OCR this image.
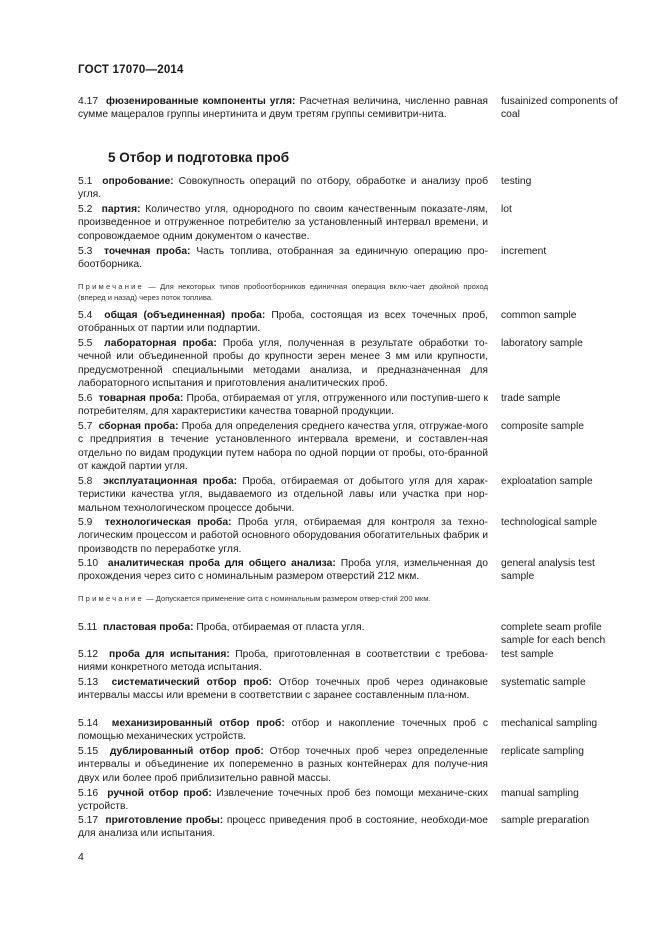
ГОСТ 17070—2014
4.17 фюзенированные компоненты угля: Расчетная величина, численно равная сумме мацералов группы инертинита и двум третям группы семивитри-нита.
fusainized components of coal
5 Отбор и подготовка проб
5.1 опробование: Совокупность операций по отбору, обработке и анализу проб угля.
testing
5.2 партия: Количество угля, однородного по своим качественным показате-лям, произведенное и отгруженное потребителю за установленный интервал времени, и сопровождаемое одним документом о качестве.
lot
5.3 точечная проба: Часть топлива, отобранная за единичную операцию про-боотборника.
increment
Примечание — Для некоторых типов пробоотборников единичная операция вклю-чает двойной проход (вперед и назад) через поток топлива.
5.4 общая (объединенная) проба: Проба, состоящая из всех точечных проб, отобранных от партии или подпартии.
common sample
5.5 лабораторная проба: Проба угля, полученная в результате обработки то-чечной или объединенной пробы до крупности зерен менее 3 мм или крупности, предусмотренной специальными методами анализа, и предназначенная для лабораторного испытания и приготовления аналитических проб.
laboratory sample
5.6 товарная проба: Проба, отбираемая от угля, отгруженного или поступив-шего к потребителям, для характеристики качества товарной продукции.
trade sample
5.7 сборная проба: Проба для определения среднего качества угля, отгружае-мого с предприятия в течение установленного интервала времени, и составлен-ная отдельно по видам продукции путем набора по одной порции от пробы, ото-бранной от каждой партии угля.
composite sample
5.8 эксплуатационная проба: Проба, отбираемая от добытого угля для харак-теристики качества угля, выдаваемого из отдельной лавы или участка при нор-мальном технологическом процессе добычи.
exploatation sample
5.9 технологическая проба: Проба угля, отбираемая для контроля за техно-логическим процессом и работой основного оборудования обогатительных фабрик и производств по переработке угля.
technological sample
5.10 аналитическая проба для общего анализа: Проба угля, измельченная до прохождения через сито с номинальным размером отверстий 212 мкм.
general analysis test sample
Примечание — Допускается применение сита с номинальным размером отвер-стий 200 мкм.
5.11 пластовая проба: Проба, отбираемая от пласта угля.	complete seam profile sample for each bench
5.12 проба для испытания: Проба, приготовленная в соответствии с требова-ниями конкретного метода испытания.
test sample
5.13 систематический отбор проб: Отбор точечных проб через одинаковые интервалы массы или времени в соответствии с заранее составленным пла-ном.
systematic sample
5.14 механизированный отбор проб: отбор и накопление точечных проб с помощью механических устройств.
mechanical sampling
5.15 дублированный отбор проб: Отбор точечных проб через определенные интервалы и объединение их попеременно в разных контейнерах для получе-ния двух или более проб приблизительно равной массы.
replicate sampling
5.16 ручной отбор проб: Извлечение точечных проб без помощи механиче-ских устройств.
manual sampling
5.17 приготовление пробы: процесс приведения проб в состояние, необходи-мое для анализа или испытания.
sample preparation
4
